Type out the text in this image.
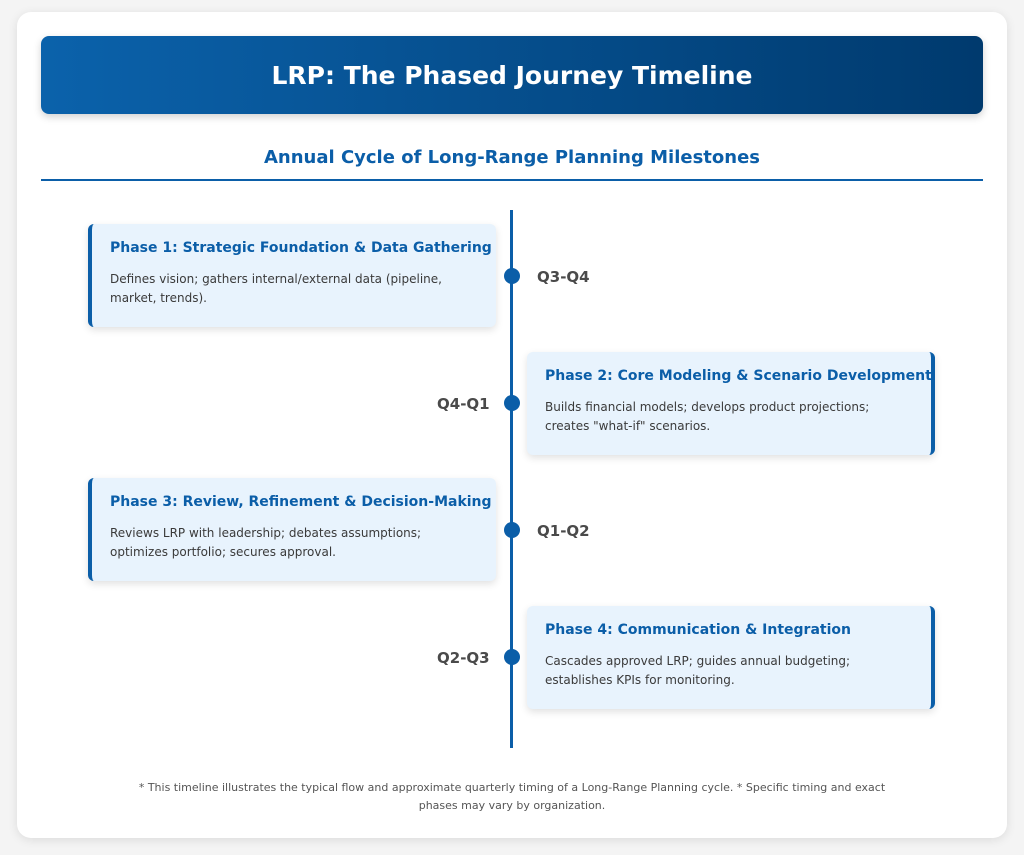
LRP: The Phased Journey Timeline
Annual Cycle of Long-Range Planning Milestones
Phase 1: Strategic Foundation & Data Gathering
Defines vision; gathers internal/external data (pipeline, market, trends).
Q3-Q4
Phase 2: Core Modeling & Scenario Development
Builds financial models; develops product projections; creates "what-if" scenarios.
Q4-Q1
Phase 3: Review, Refinement & Decision-Making
Reviews LRP with leadership; debates assumptions; optimizes portfolio; secures approval.
Q1-Q2
Phase 4: Communication & Integration
Cascades approved LRP; guides annual budgeting; establishes KPIs for monitoring.
Q2-Q3
* This timeline illustrates the typical flow and approximate quarterly timing of a Long-Range Planning cycle. * Specific timing and exact phases may vary by organization.
